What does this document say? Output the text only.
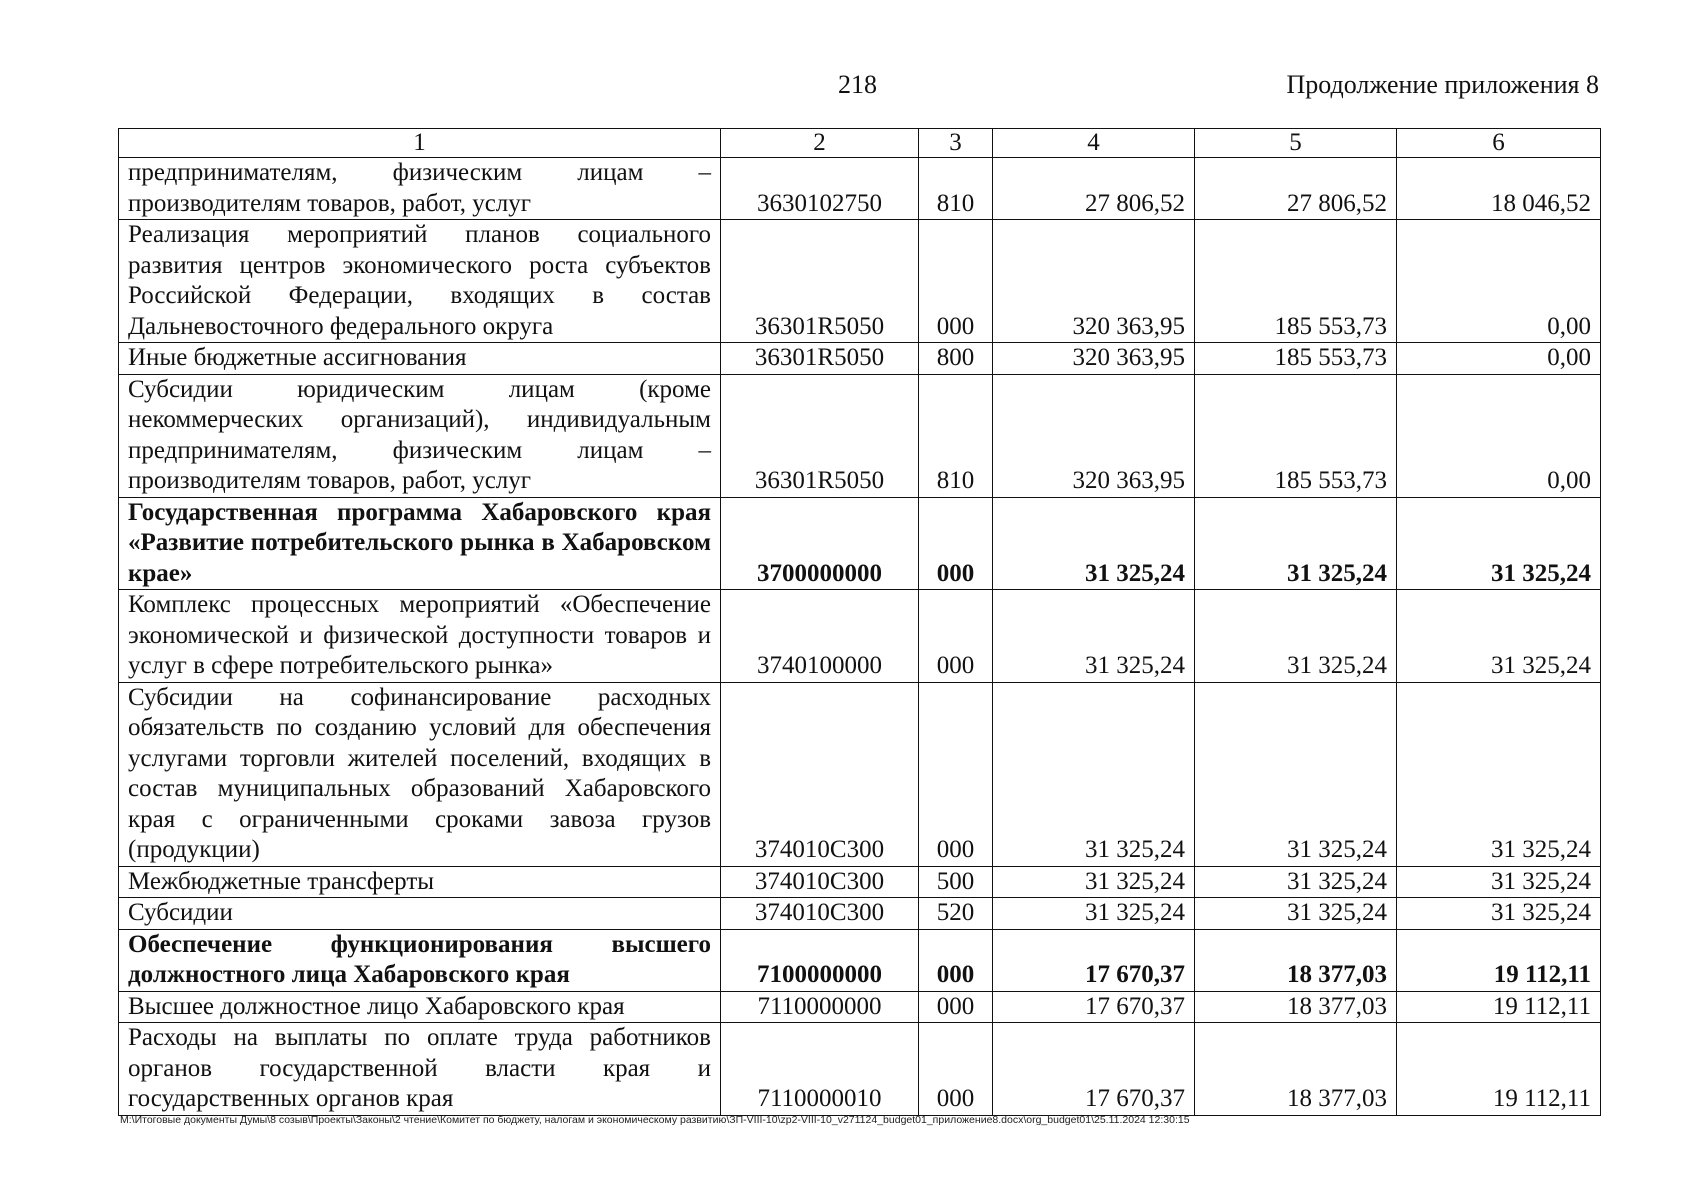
218	Продолжение приложения 8
1	2	3	4	5	6
предпринимателям, физическим лицам – производителям товаров, работ, услуг	3630102750	810	27 806,52	27 806,52	18 046,52
Реализация мероприятий планов социального развития центров экономического роста субъектов Российской Федерации, входящих в состав Дальневосточного федерального округа	36301R5050	000	320 363,95	185 553,73	0,00
Иные бюджетные ассигнования	36301R5050	800	320 363,95	185 553,73	0,00
Субсидии юридическим лицам (кроме некоммерческих организаций), индивидуальным предпринимателям, физическим лицам – производителям товаров, работ, услуг	36301R5050	810	320 363,95	185 553,73	0,00
Государственная программа Хабаровского края «Развитие потребительского рынка в Хабаровском крае»	3700000000	000	31 325,24	31 325,24	31 325,24
Комплекс процессных мероприятий «Обеспечение экономической и физической доступности товаров и услуг в сфере потребительского рынка»	3740100000	000	31 325,24	31 325,24	31 325,24
Субсидии на софинансирование расходных обязательств по созданию условий для обеспечения услугами торговли жителей поселений, входящих в состав муниципальных образований Хабаровского края с ограниченными сроками завоза грузов (продукции)	374010С300	000	31 325,24	31 325,24	31 325,24
Межбюджетные трансферты	374010С300	500	31 325,24	31 325,24	31 325,24
Субсидии	374010С300	520	31 325,24	31 325,24	31 325,24
Обеспечение функционирования высшего должностного лица Хабаровского края	7100000000	000	17 670,37	18 377,03	19 112,11
Высшее должностное лицо Хабаровского края	7110000000	000	17 670,37	18 377,03	19 112,11
Расходы на выплаты по оплате труда работников органов государственной власти края и государственных органов края	7110000010	000	17 670,37	18 377,03	19 112,11
M:\Итоговые документы Думы\8 созыв\Проекты\Законы\2 чтение\Комитет по бюджету, налогам и экономическому развитию\ЗП-VIII-10\zp2-VIII-10_v271124_budget01_приложение8.docx\org_budget01\25.11.2024 12:30:15
